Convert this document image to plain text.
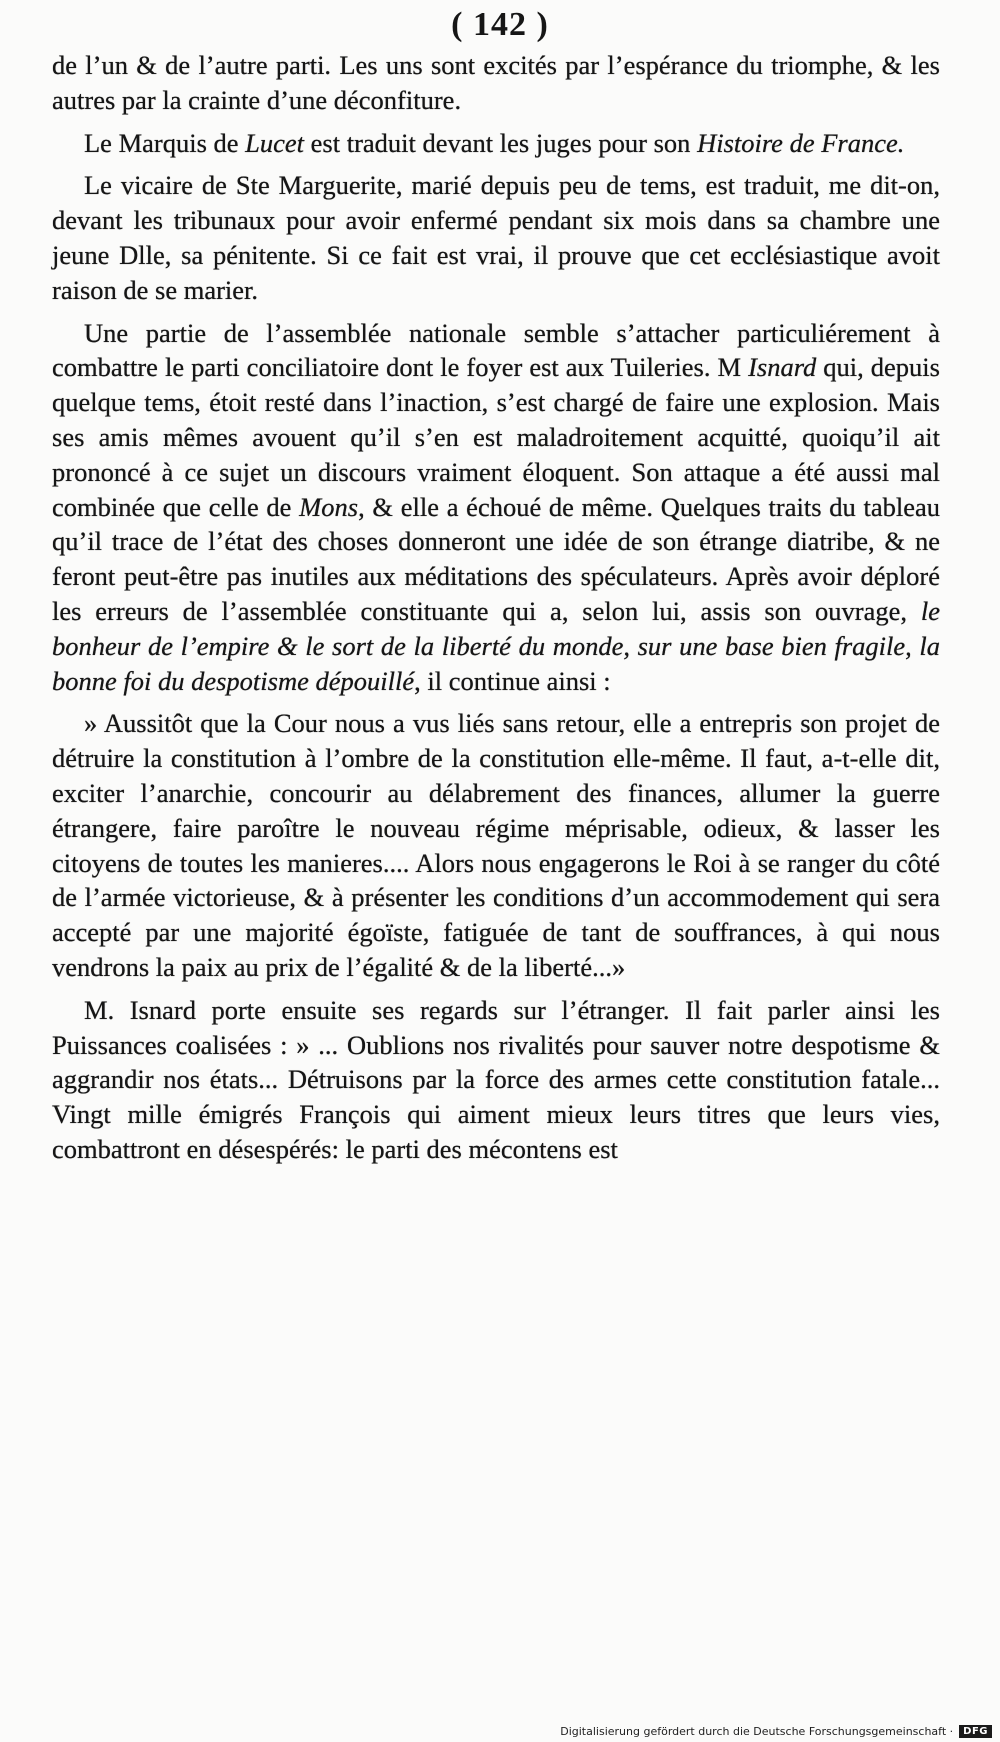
( 142 )

de l’un & de l’autre parti. Les uns sont excités par l’espérance du triomphe, & les autres par la crainte d’une déconfiture.

Le Marquis de Lucet est traduit devant les juges pour son Histoire de France.

Le vicaire de Ste Marguerite, marié depuis peu de tems, est traduit, me dit-on, devant les tribunaux pour avoir enfermé pendant six mois dans sa chambre une jeune Dlle, sa pénitente. Si ce fait est vrai, il prouve que cet ecclésiastique avoit raison de se marier.

Une partie de l’assemblée nationale semble s’attacher particuliérement à combattre le parti conciliatoire dont le foyer est aux Tuileries. M Isnard qui, depuis quelque tems, étoit resté dans l’inaction, s’est chargé de faire une explosion. Mais ses amis mêmes avouent qu’il s’en est maladroitement acquitté, quoiqu’il ait prononcé à ce sujet un discours vraiment éloquent. Son attaque a été aussi mal combinée que celle de Mons, & elle a échoué de même. Quelques traits du tableau qu’il trace de l’état des choses donneront une idée de son étrange diatribe, & ne feront peut-être pas inutiles aux méditations des spéculateurs. Après avoir déploré les erreurs de l’assemblée constituante qui a, selon lui, assis son ouvrage, le bonheur de l’empire & le sort de la liberté du monde, sur une base bien fragile, la bonne foi du despotisme dépouillé, il continue ainsi :

» Aussitôt que la Cour nous a vus liés sans retour, elle a entrepris son projet de détruire la constitution à l’ombre de la constitution elle-même. Il faut, a-t-elle dit, exciter l’anarchie, concourir au délabrement des finances, allumer la guerre étrangere, faire paroître le nouveau régime méprisable, odieux, & lasser les citoyens de toutes les manieres.... Alors nous engagerons le Roi à se ranger du côté de l’armée victorieuse, & à présenter les conditions d’un accommodement qui sera accepté par une majorité égoïste, fatiguée de tant de souffrances, à qui nous vendrons la paix au prix de l’égalité & de la liberté...»

M. Isnard porte ensuite ses regards sur l’étranger. Il fait parler ainsi les Puissances coalisées : » ... Oublions nos rivalités pour sauver notre despotisme & aggrandir nos états... Détruisons par la force des armes cette constitution fatale... Vingt mille émigrés François qui aiment mieux leurs titres que leurs vies, combattront en désespérés: le parti des mécontens est

Digitalisierung gefördert durch die Deutsche Forschungsgemeinschaft ·	DFG
